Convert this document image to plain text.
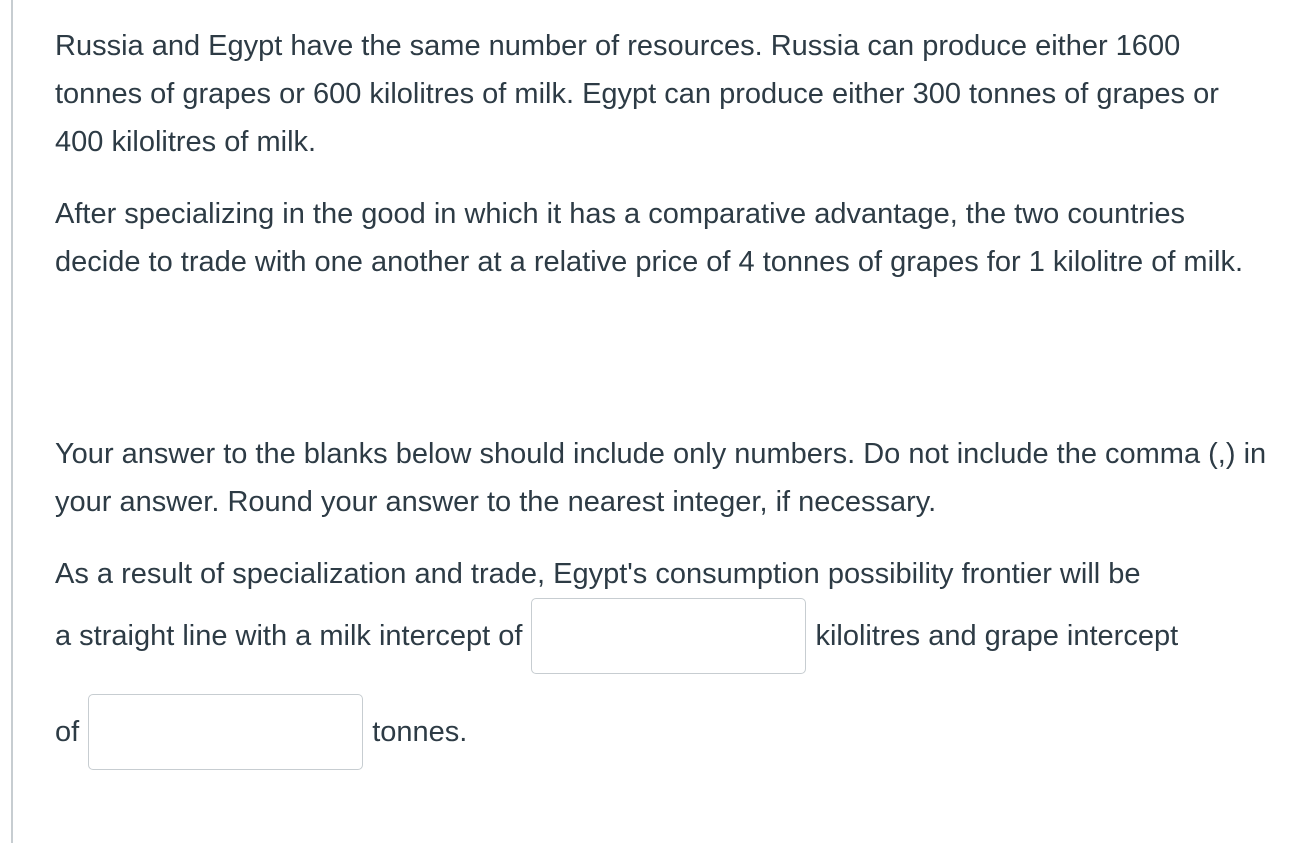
Russia and Egypt have the same number of resources. Russia can produce either 1600 tonnes of grapes or 600 kilolitres of milk. Egypt can produce either 300 tonnes of grapes or 400 kilolitres of milk.

After specializing in the good in which it has a comparative advantage, the two countries decide to trade with one another at a relative price of 4 tonnes of grapes for 1 kilolitre of milk.

Your answer to the blanks below should include only numbers. Do not include the comma (,) in your answer. Round your answer to the nearest integer, if necessary.

As a result of specialization and trade, Egypt's consumption possibility frontier will be

a straight line with a milk intercept of	kilolitres and grape intercept
of	tonnes.
